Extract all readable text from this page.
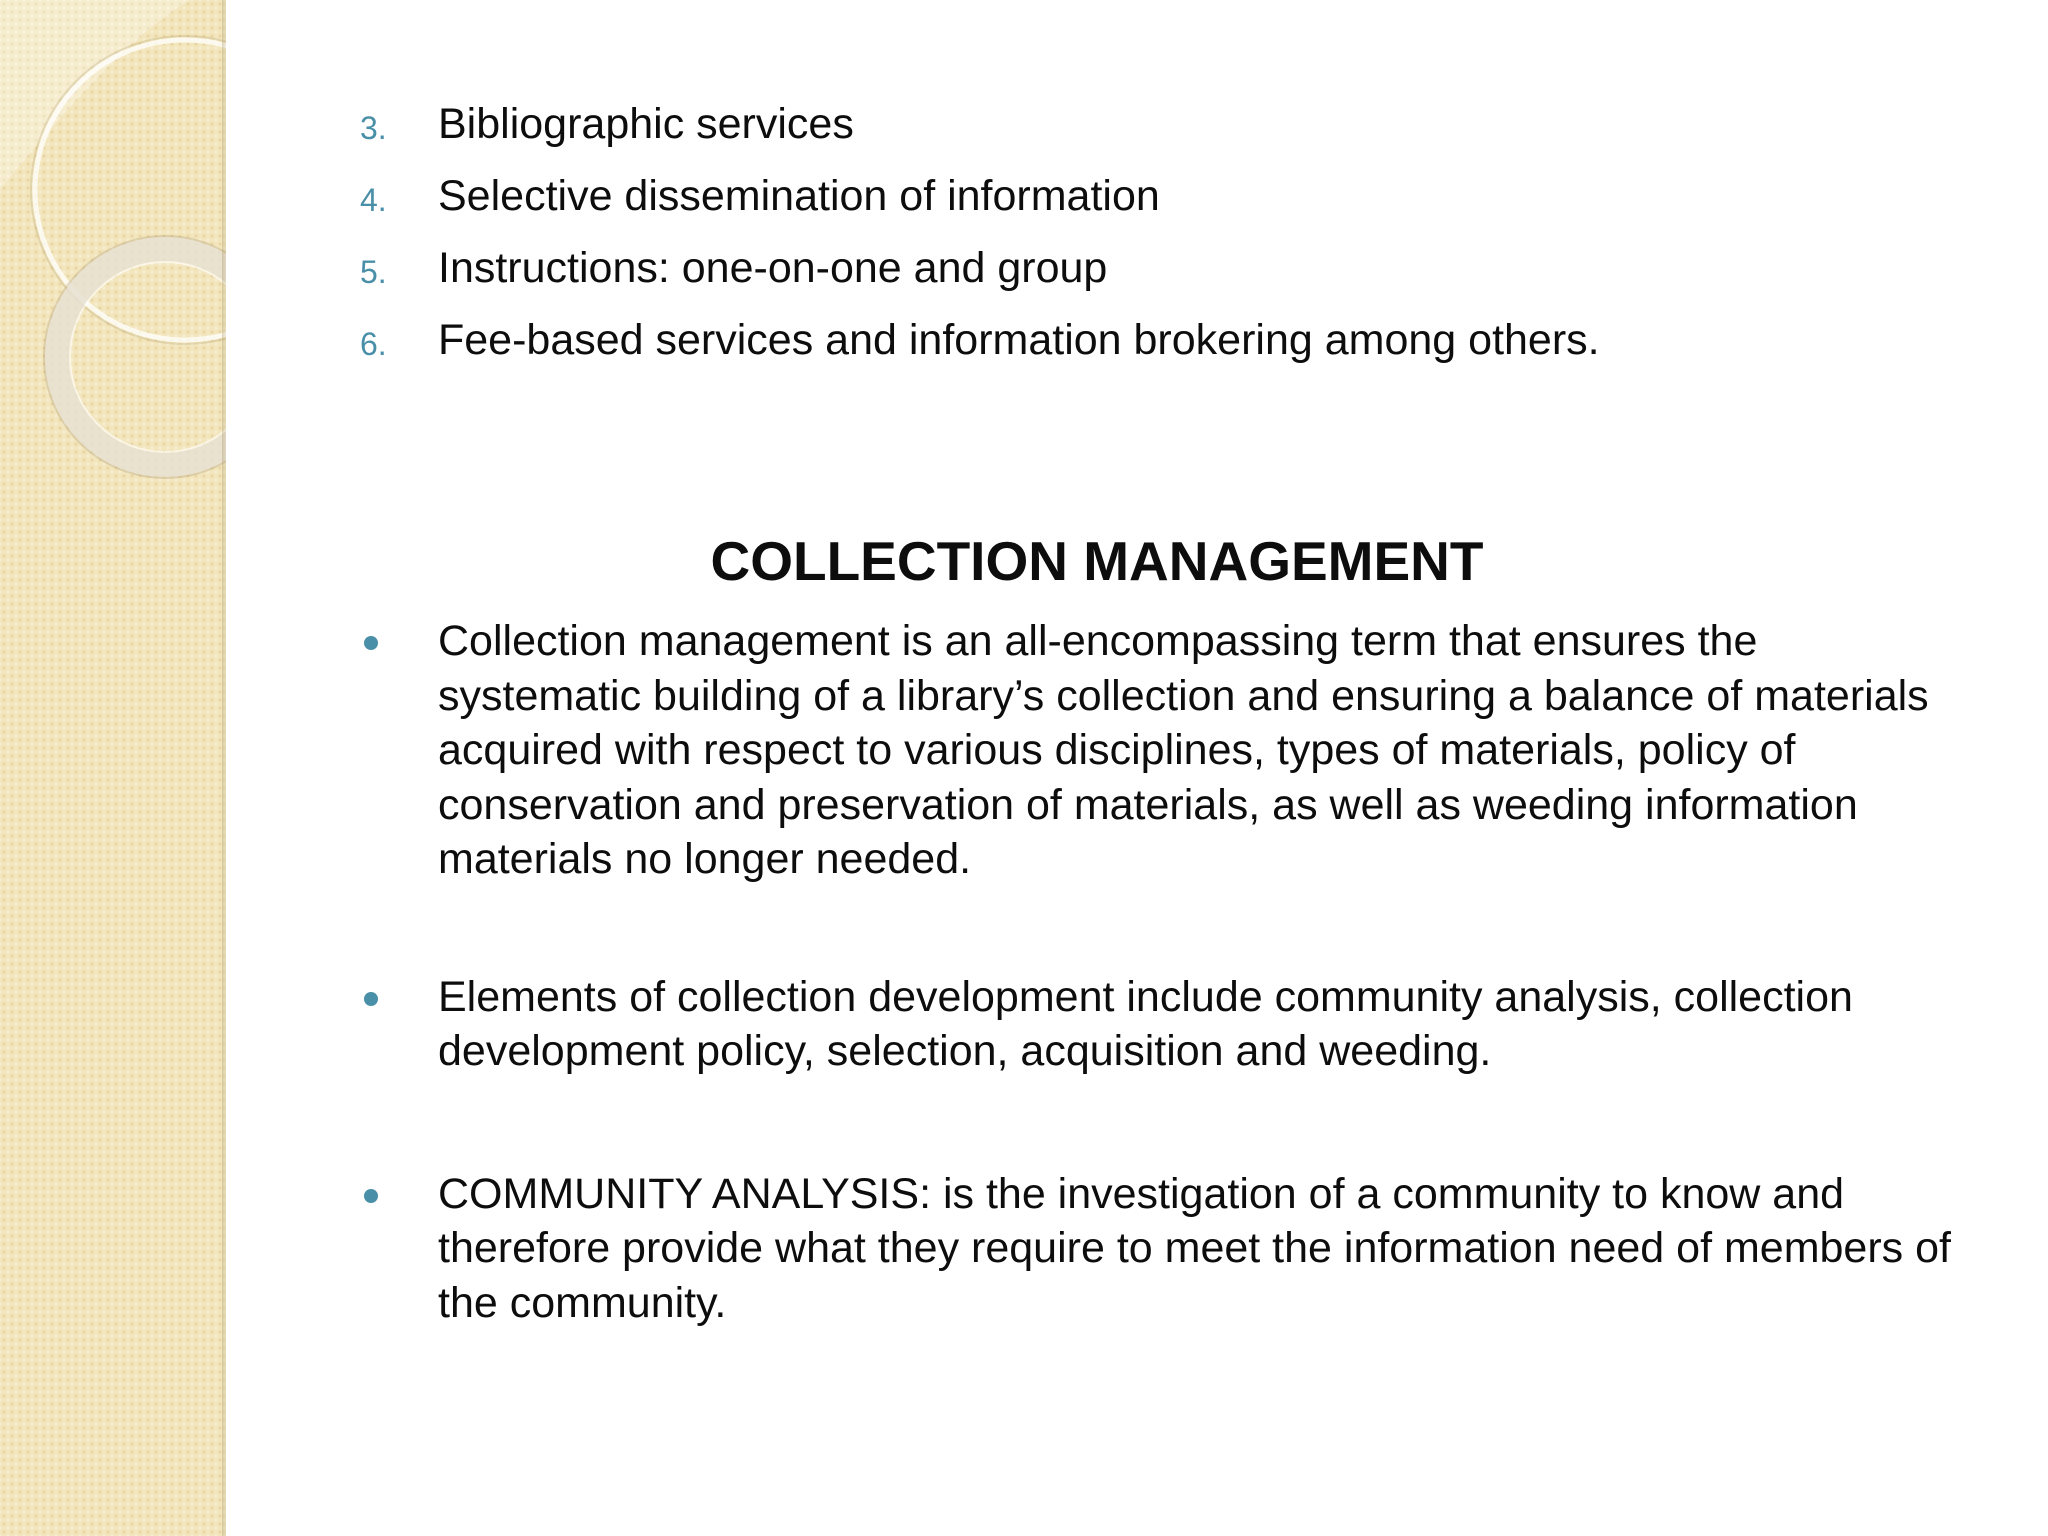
3.	Bibliographic services
4.	Selective dissemination of information
5.	Instructions: one-on-one and group
6.	Fee-based services and information brokering among others.
COLLECTION MANAGEMENT
Collection management is an all-encompassing term that ensures the systematic building of a library’s collection and ensuring a balance of materials acquired with respect to various disciplines, types of materials, policy of conservation and preservation of materials, as well as weeding information materials no longer needed.
Elements of collection development include community analysis, collection development policy, selection, acquisition and weeding.
COMMUNITY ANALYSIS: is the investigation of a community to know and therefore provide what they require to meet the information need of members of the community.
